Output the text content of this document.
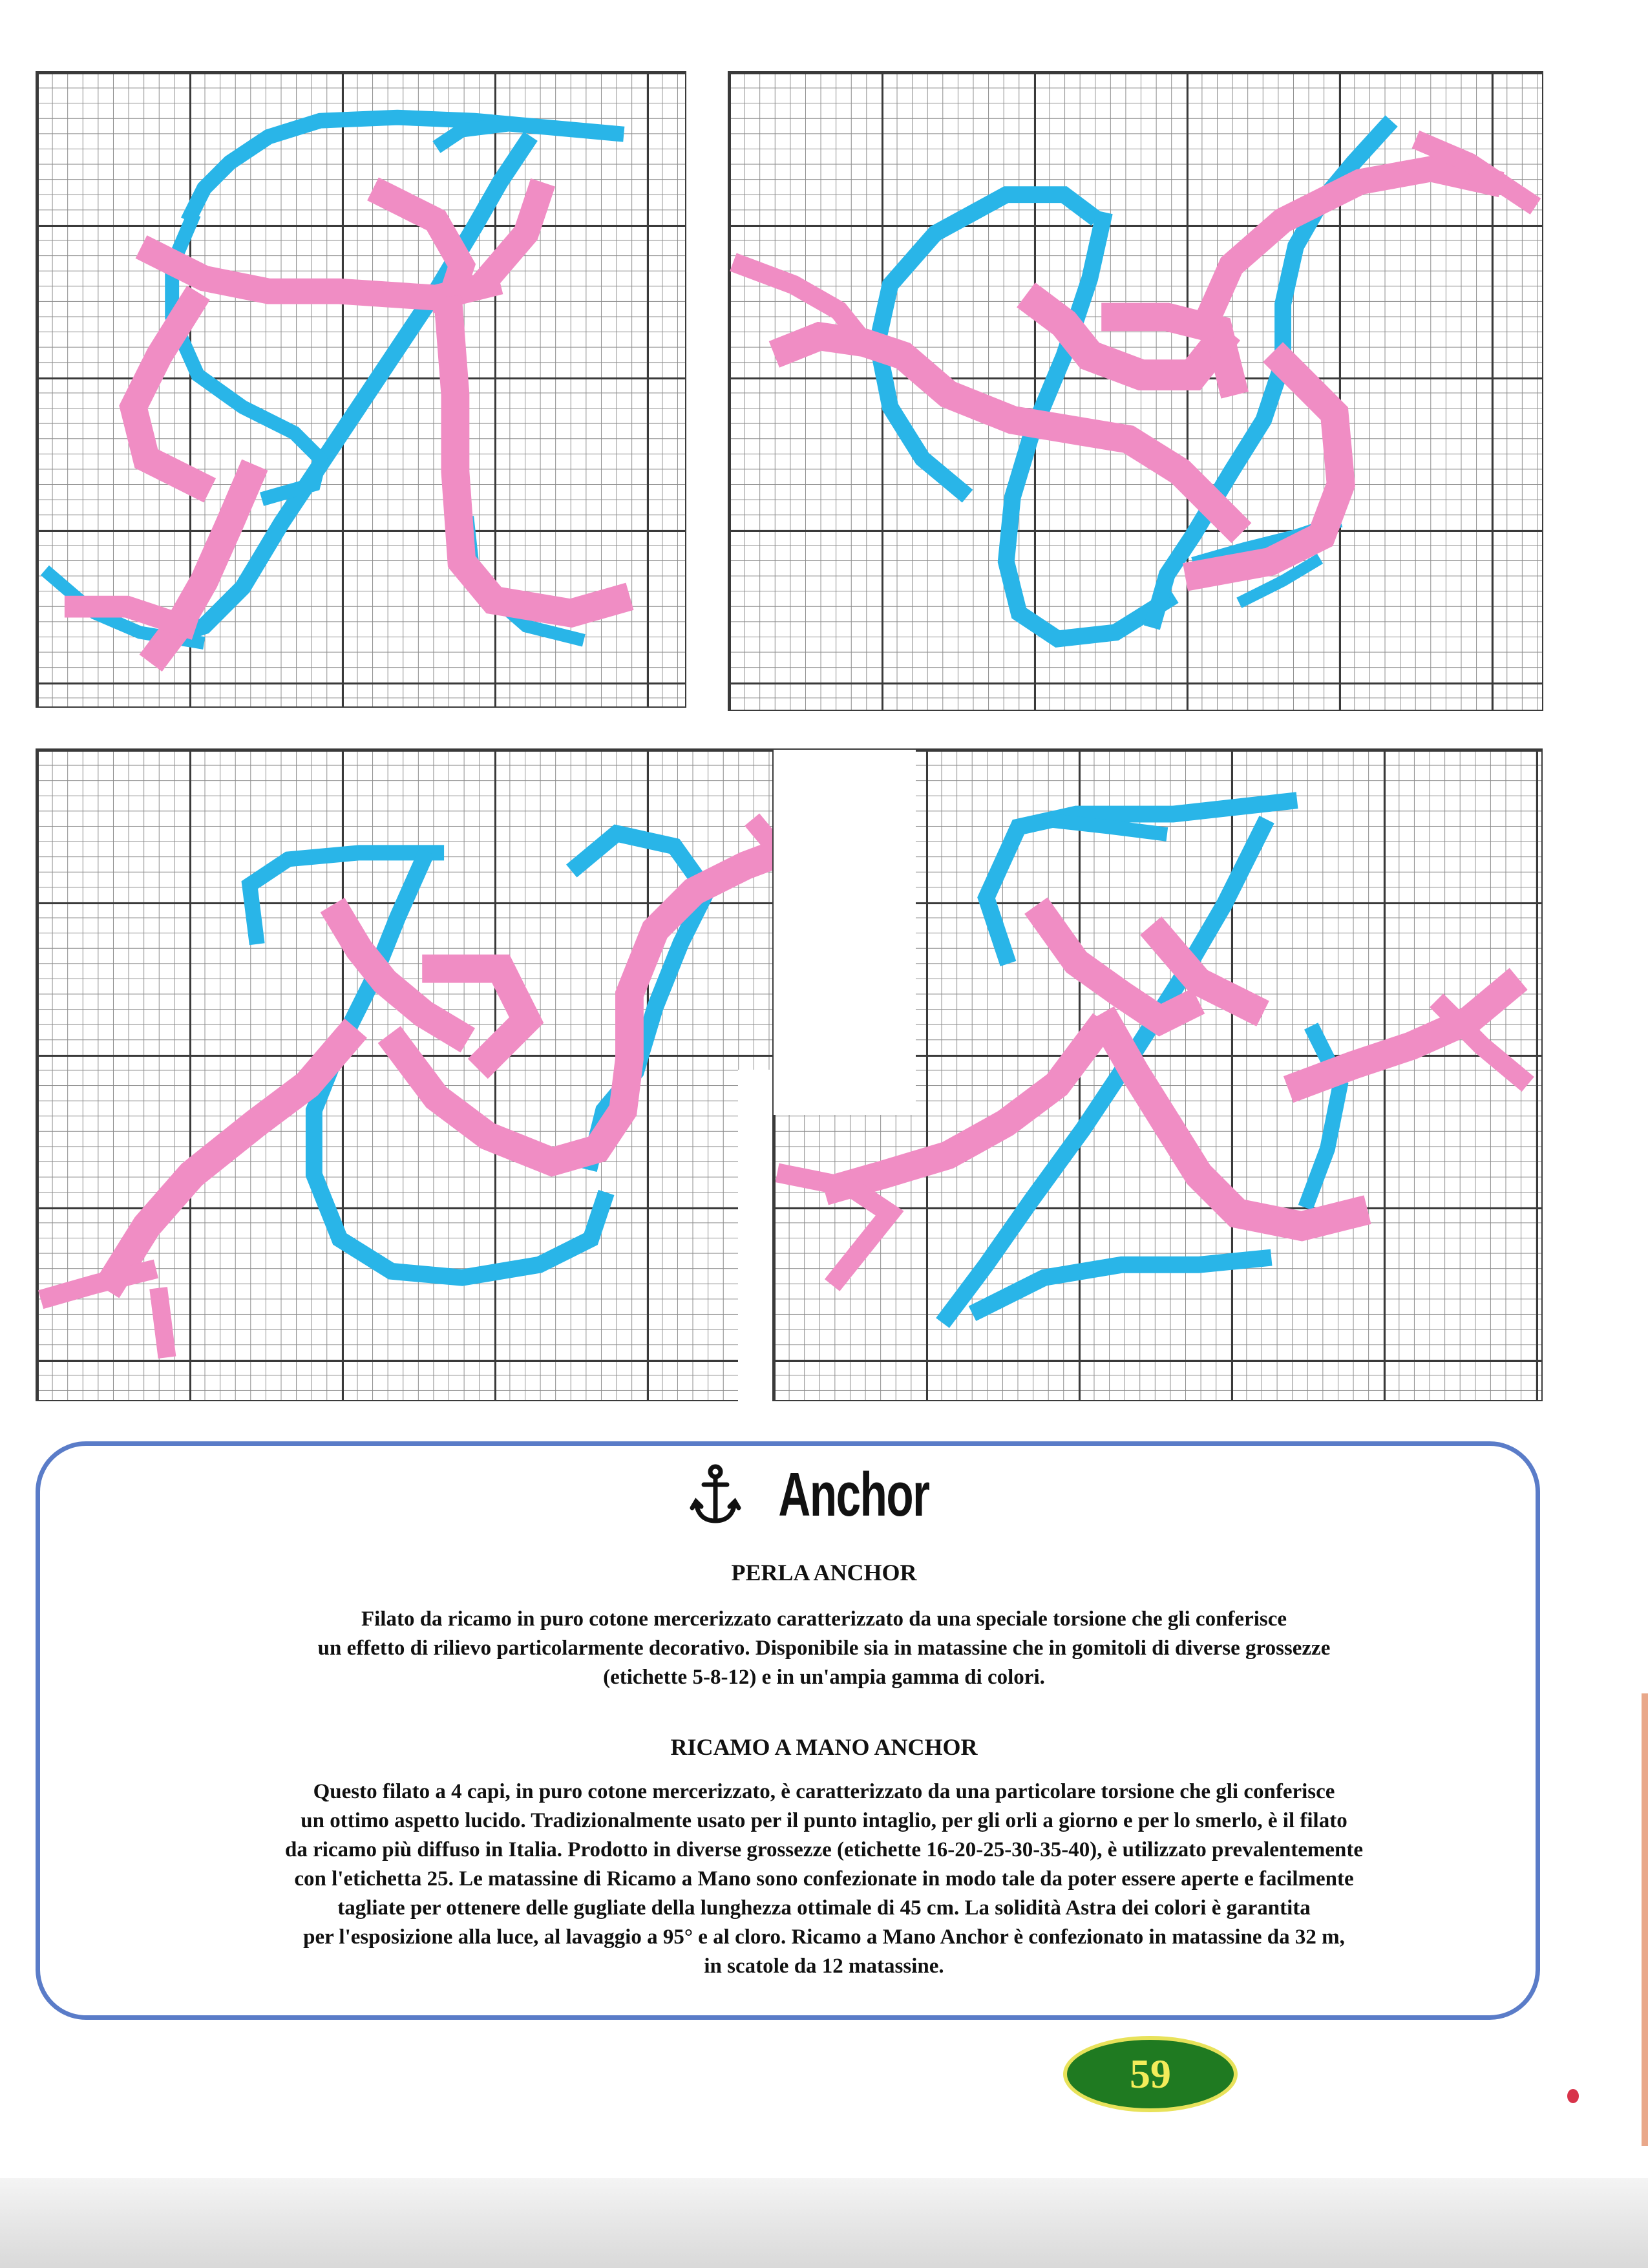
Anchor
PERLA ANCHOR
Filato da ricamo in puro cotone mercerizzato caratterizzato da una speciale torsione che gli conferisce
un effetto di rilievo particolarmente decorativo. Disponibile sia in matassine che in gomitoli di diverse grossezze
(etichette 5-8-12) e in un'ampia gamma di colori.
RICAMO A MANO ANCHOR
Questo filato a 4 capi, in puro cotone mercerizzato, è caratterizzato da una particolare torsione che gli conferisce
un ottimo aspetto lucido. Tradizionalmente usato per il punto intaglio, per gli orli a giorno e per lo smerlo, è il filato
da ricamo più diffuso in Italia. Prodotto in diverse grossezze (etichette 16-20-25-30-35-40), è utilizzato prevalentemente
con l'etichetta 25. Le matassine di Ricamo a Mano sono confezionate in modo tale da poter essere aperte e facilmente
tagliate per ottenere delle gugliate della lunghezza ottimale di 45 cm. La solidità Astra dei colori è garantita
per l'esposizione alla luce, al lavaggio a 95° e al cloro. Ricamo a Mano Anchor è confezionato in matassine da 32 m,
in scatole da 12 matassine.
59
